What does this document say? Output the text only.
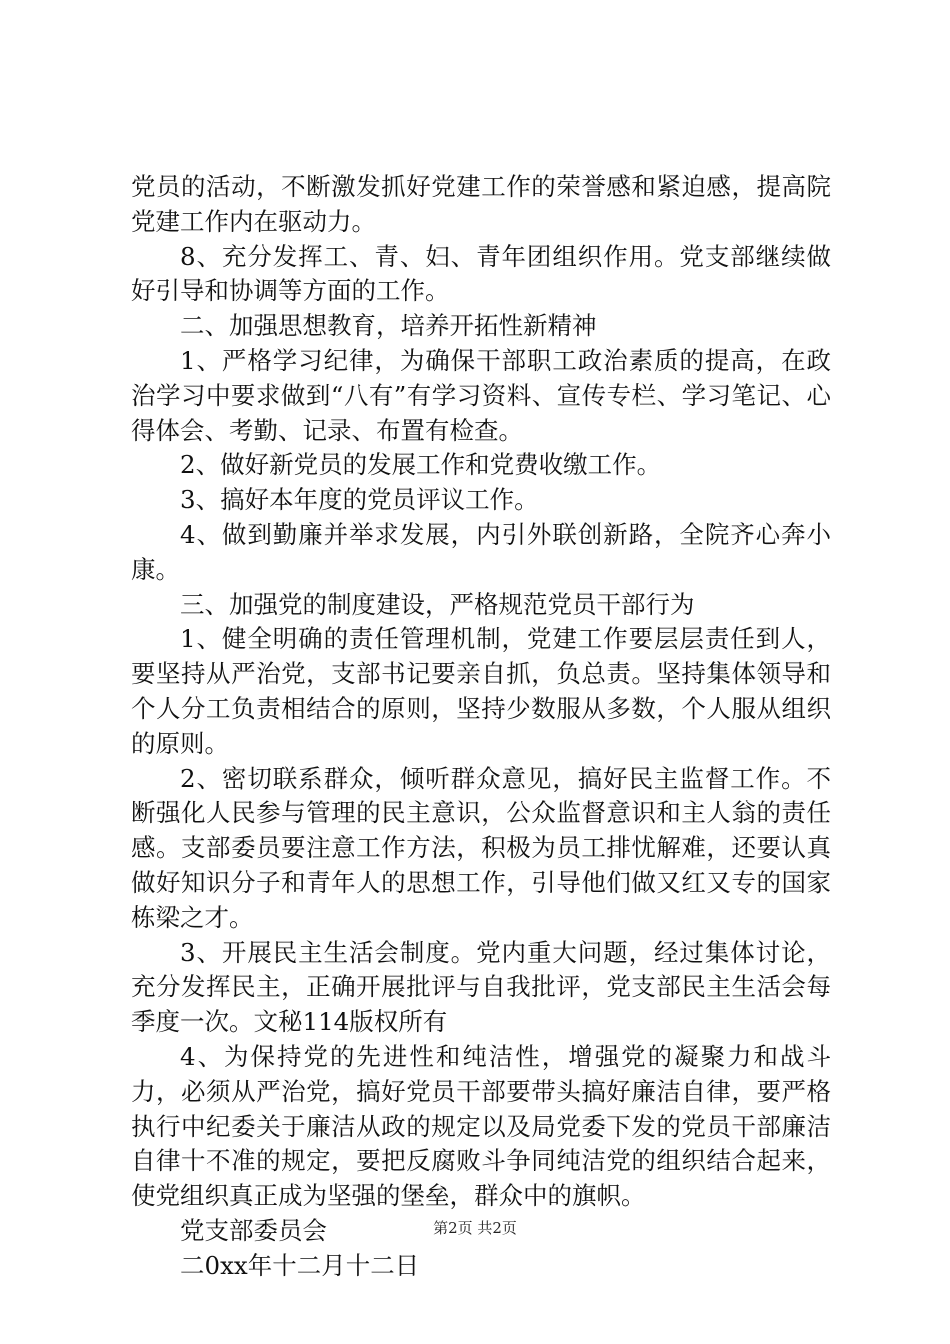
党员的活动，不断激发抓好党建工作的荣誉感和紧迫感，提高院党建工作内在驱动力。

8、充分发挥工、青、妇、青年团组织作用。党支部继续做好引导和协调等方面的工作。

二、加强思想教育，培养开拓性新精神

1、严格学习纪律，为确保干部职工政治素质的提高，在政治学习中要求做到“八有”有学习资料、宣传专栏、学习笔记、心得体会、考勤、记录、布置有检查。

2、做好新党员的发展工作和党费收缴工作。

3、搞好本年度的党员评议工作。

4、做到勤廉并举求发展，内引外联创新路，全院齐心奔小康。

三、加强党的制度建设，严格规范党员干部行为

1、健全明确的责任管理机制，党建工作要层层责任到人，要坚持从严治党，支部书记要亲自抓，负总责。坚持集体领导和个人分工负责相结合的原则，坚持少数服从多数，个人服从组织的原则。

2、密切联系群众，倾听群众意见，搞好民主监督工作。不断强化人民参与管理的民主意识，公众监督意识和主人翁的责任感。支部委员要注意工作方法，积极为员工排忧解难，还要认真做好知识分子和青年人的思想工作，引导他们做又红又专的国家栋梁之才。

3、开展民主生活会制度。党内重大问题，经过集体讨论，充分发挥民主，正确开展批评与自我批评，党支部民主生活会每季度一次。文秘114版权所有

4、为保持党的先进性和纯洁性，增强党的凝聚力和战斗力，必须从严治党，搞好党员干部要带头搞好廉洁自律，要严格执行中纪委关于廉洁从政的规定以及局党委下发的党员干部廉洁自律十不准的规定，要把反腐败斗争同纯洁党的组织结合起来，使党组织真正成为坚强的堡垒，群众中的旗帜。

党支部委员会

二0xx年十二月十二日

第2页 共2页
